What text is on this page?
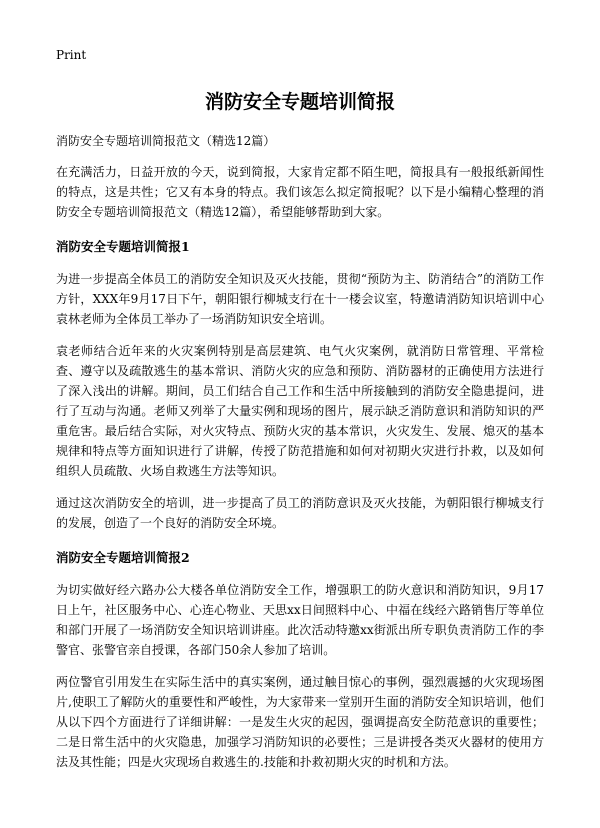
Print
消防安全专题培训简报
消防安全专题培训简报范文（精选12篇）

在充满活力，日益开放的今天，说到简报，大家肯定都不陌生吧，简报具有一般报纸新闻性的特点，这是共性；它又有本身的特点。我们该怎么拟定简报呢？以下是小编精心整理的消防安全专题培训简报范文（精选12篇），希望能够帮助到大家。

消防安全专题培训简报1

为进一步提高全体员工的消防安全知识及灭火技能，贯彻“预防为主、防消结合”的消防工作方针，XXX年9月17日下午，朝阳银行柳城支行在十一楼会议室，特邀请消防知识培训中心袁林老师为全体员工举办了一场消防知识安全培训。

袁老师结合近年来的火灾案例特别是高层建筑、电气火灾案例，就消防日常管理、平常检查、遵守以及疏散逃生的基本常识、消防火灾的应急和预防、消防器材的正确使用方法进行了深入浅出的讲解。期间，员工们结合自己工作和生活中所接触到的消防安全隐患提问，进行了互动与沟通。老师又列举了大量实例和现场的图片，展示缺乏消防意识和消防知识的严重危害。最后结合实际，对火灾特点、预防火灾的基本常识，火灾发生、发展、熄灭的基本规律和特点等方面知识进行了讲解，传授了防范措施和如何对初期火灾进行扑救，以及如何组织人员疏散、火场自救逃生方法等知识。

通过这次消防安全的培训，进一步提高了员工的消防意识及灭火技能，为朝阳银行柳城支行的发展，创造了一个良好的消防安全环境。

消防安全专题培训简报2

为切实做好经六路办公大楼各单位消防安全工作，增强职工的防火意识和消防知识，9月17日上午，社区服务中心、心连心物业、天思xx日间照料中心、中福在线经六路销售厅等单位和部门开展了一场消防安全知识培训讲座。此次活动特邀xx街派出所专职负责消防工作的李警官、张警官亲自授课，各部门50余人参加了培训。

两位警官引用发生在实际生活中的真实案例，通过触目惊心的事例，强烈震撼的火灾现场图片,使职工了解防火的重要性和严峻性，为大家带来一堂别开生面的消防安全知识培训，他们从以下四个方面进行了详细讲解：一是发生火灾的起因，强调提高安全防范意识的重要性；二是日常生活中的火灾隐患，加强学习消防知识的必要性；三是讲授各类灭火器材的使用方法及其性能；四是火灾现场自救逃生的.技能和扑救初期火灾的时机和方法。
